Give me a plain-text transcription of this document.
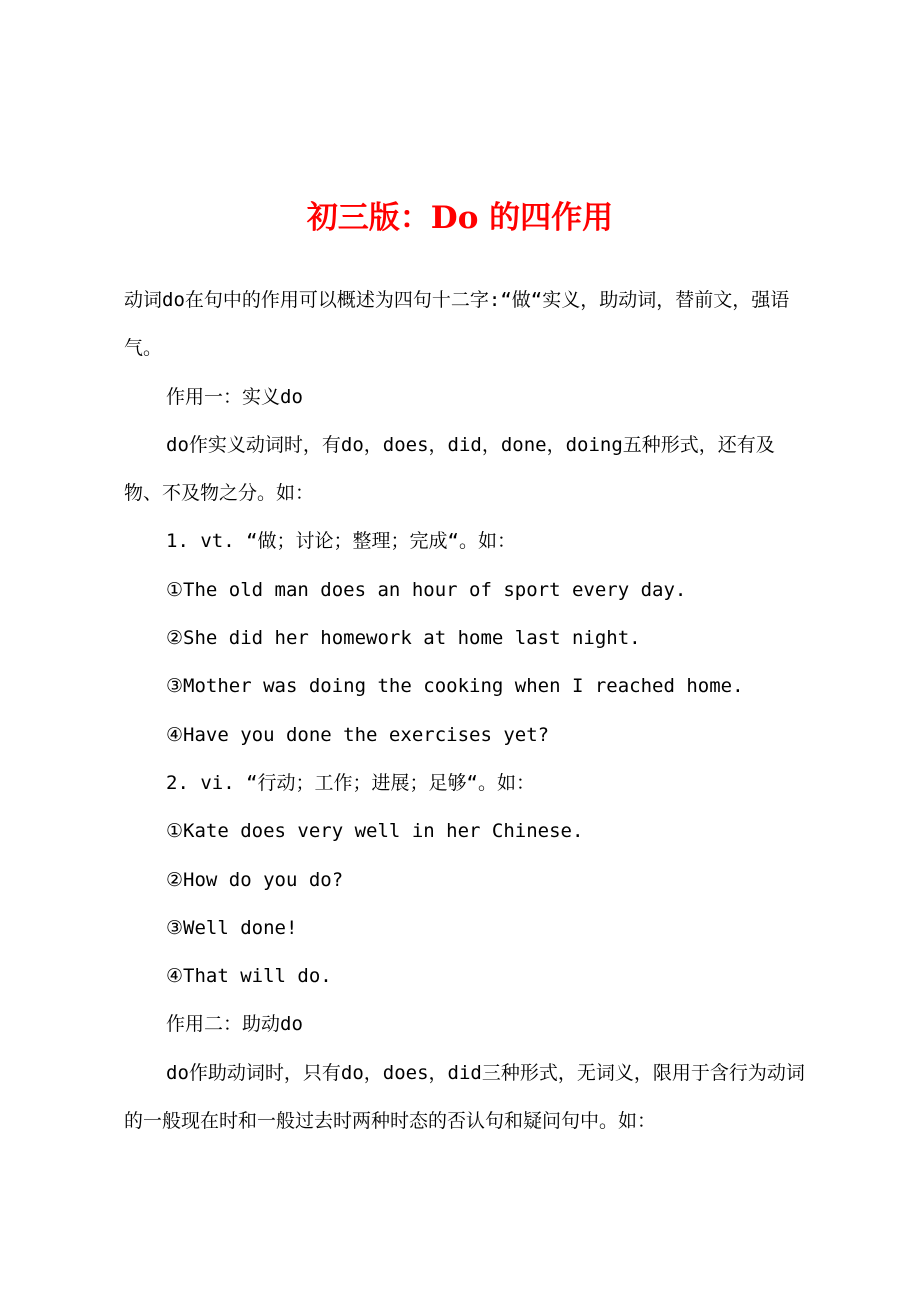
初三版：Do 的四作用

动词do在句中的作用可以概述为四句十二字:“做“实义，助动词，替前文，强语气。

作用一：实义do

do作实义动词时，有do，does，did，done，doing五种形式，还有及物、不及物之分。如：

1. vt. “做；讨论；整理；完成“。如：

①The old man does an hour of sport every day.

②She did her homework at home last night.

③Mother was doing the cooking when I reached home.

④Have you done the exercises yet?

2. vi. “行动；工作；进展；足够“。如：

①Kate does very well in her Chinese.

②How do you do?

③Well done!

④That will do.

作用二：助动do

do作助动词时，只有do，does，did三种形式，无词义，限用于含行为动词的一般现在时和一般过去时两种时态的否认句和疑问句中。如：
